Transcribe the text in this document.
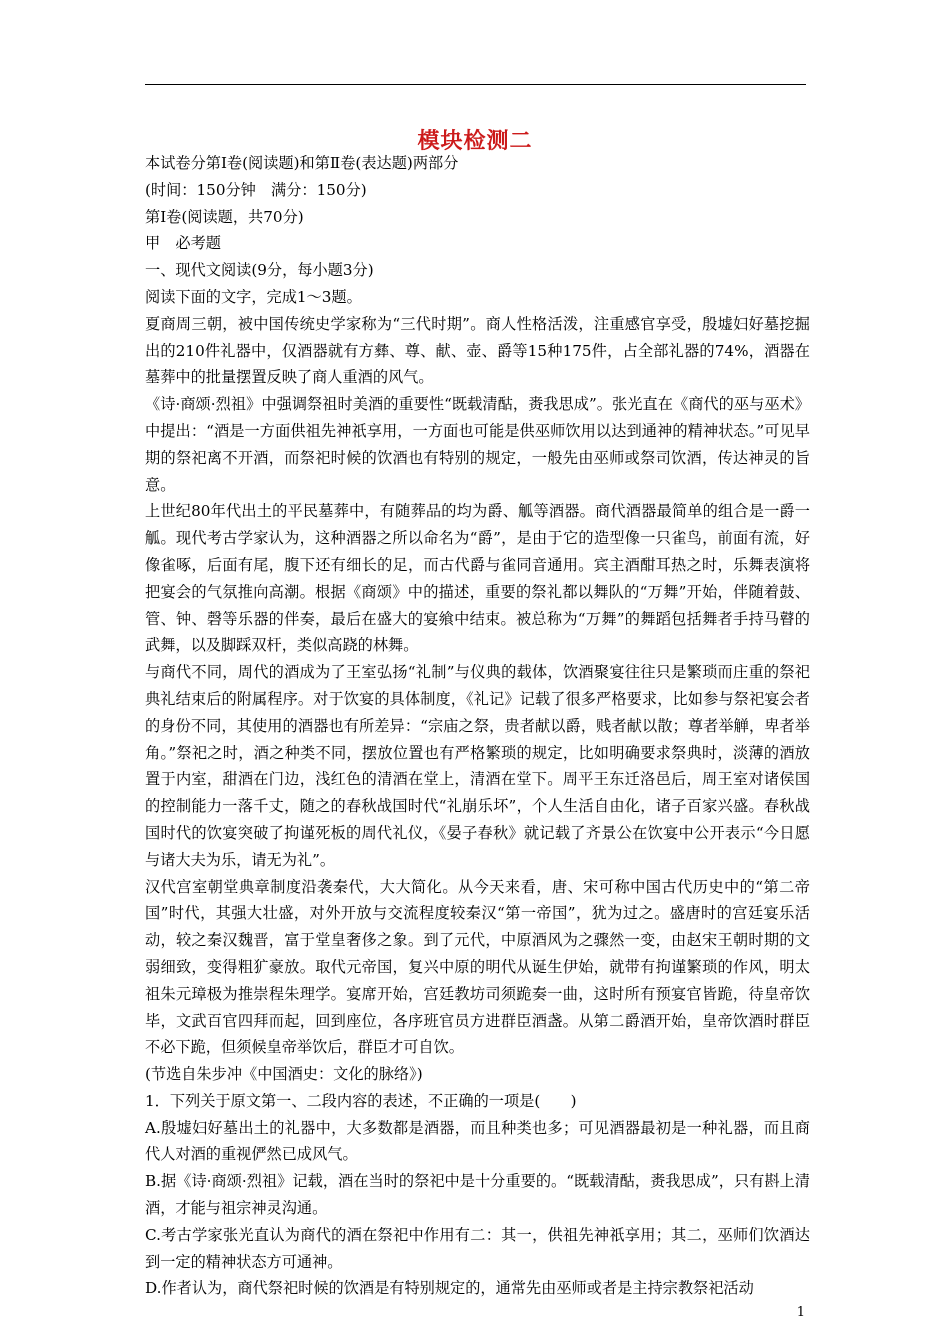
模块检测二
本试卷分第Ⅰ卷(阅读题)和第Ⅱ卷(表达题)两部分
(时间：150分钟　满分：150分)
第Ⅰ卷(阅读题，共70分)
甲　必考题
一、现代文阅读(9分，每小题3分)
阅读下面的文字，完成1～3题。

夏商周三朝，被中国传统史学家称为“三代时期”。商人性格活泼，注重感官享受，殷墟妇好墓挖掘出的210件礼器中，仅酒器就有方彝、尊、献、壶、爵等15种175件，占全部礼器的74%，酒器在墓葬中的批量摆置反映了商人重酒的风气。

《诗·商颂·烈祖》中强调祭祖时美酒的重要性“既载清酤，赉我思成”。张光直在《商代的巫与巫术》中提出：“酒是一方面供祖先神祇享用，一方面也可能是供巫师饮用以达到通神的精神状态。”可见早期的祭祀离不开酒，而祭祀时候的饮酒也有特别的规定，一般先由巫师或祭司饮酒，传达神灵的旨意。

上世纪80年代出土的平民墓葬中，有随葬品的均为爵、觚等酒器。商代酒器最简单的组合是一爵一觚。现代考古学家认为，这种酒器之所以命名为“爵”，是由于它的造型像一只雀鸟，前面有流，好像雀啄，后面有尾，腹下还有细长的足，而古代爵与雀同音通用。宾主酒酣耳热之时，乐舞表演将把宴会的气氛推向高潮。根据《商颂》中的描述，重要的祭礼都以舞队的“万舞”开始，伴随着鼓、管、钟、磬等乐器的伴奏，最后在盛大的宴飨中结束。被总称为“万舞”的舞蹈包括舞者手持马瞽的武舞，以及脚踩双杆，类似高跷的林舞。

与商代不同，周代的酒成为了王室弘扬“礼制”与仪典的载体，饮酒聚宴往往只是繁琐而庄重的祭祀典礼结束后的附属程序。对于饮宴的具体制度，《礼记》记载了很多严格要求，比如参与祭祀宴会者的身份不同，其使用的酒器也有所差异：“宗庙之祭，贵者献以爵，贱者献以散；尊者举觯，卑者举角。”祭祀之时，酒之种类不同，摆放位置也有严格繁琐的规定，比如明确要求祭典时，淡薄的酒放置于内室，甜酒在门边，浅红色的清酒在堂上，清酒在堂下。周平王东迁洛邑后，周王室对诸侯国的控制能力一落千丈，随之的春秋战国时代“礼崩乐坏”，个人生活自由化，诸子百家兴盛。春秋战国时代的饮宴突破了拘谨死板的周代礼仪，《晏子春秋》就记载了齐景公在饮宴中公开表示“今日愿与诸大夫为乐，请无为礼”。

汉代宫室朝堂典章制度沿袭秦代，大大简化。从今天来看，唐、宋可称中国古代历史中的“第二帝国”时代，其强大壮盛，对外开放与交流程度较秦汉“第一帝国”，犹为过之。盛唐时的宫廷宴乐活动，较之秦汉魏晋，富于堂皇奢侈之象。到了元代，中原酒风为之骤然一变，由赵宋王朝时期的文弱细致，变得粗犷豪放。取代元帝国，复兴中原的明代从诞生伊始，就带有拘谨繁琐的作风，明太祖朱元璋极为推崇程朱理学。宴席开始，宫廷教坊司须跪奏一曲，这时所有预宴官皆跪，待皇帝饮毕，文武百官四拜而起，回到座位，各序班官员方进群臣酒盏。从第二爵酒开始，皇帝饮酒时群臣不必下跪，但须候皇帝举饮后，群臣才可自饮。

(节选自朱步冲《中国酒史：文化的脉络》)
1．下列关于原文第一、二段内容的表述，不正确的一项是(　　)

A.殷墟妇好墓出土的礼器中，大多数都是酒器，而且种类也多；可见酒器最初是一种礼器，而且商代人对酒的重视俨然已成风气。

B.据《诗·商颂·烈祖》记载，酒在当时的祭祀中是十分重要的。“既载清酤，赉我思成”，只有斟上清酒，才能与祖宗神灵沟通。

C.考古学家张光直认为商代的酒在祭祀中作用有二：其一，供祖先神祇享用；其二，巫师们饮酒达到一定的精神状态方可通神。

D.作者认为，商代祭祀时候的饮酒是有特别规定的，通常先由巫师或者是主持宗教祭祀活动

1
